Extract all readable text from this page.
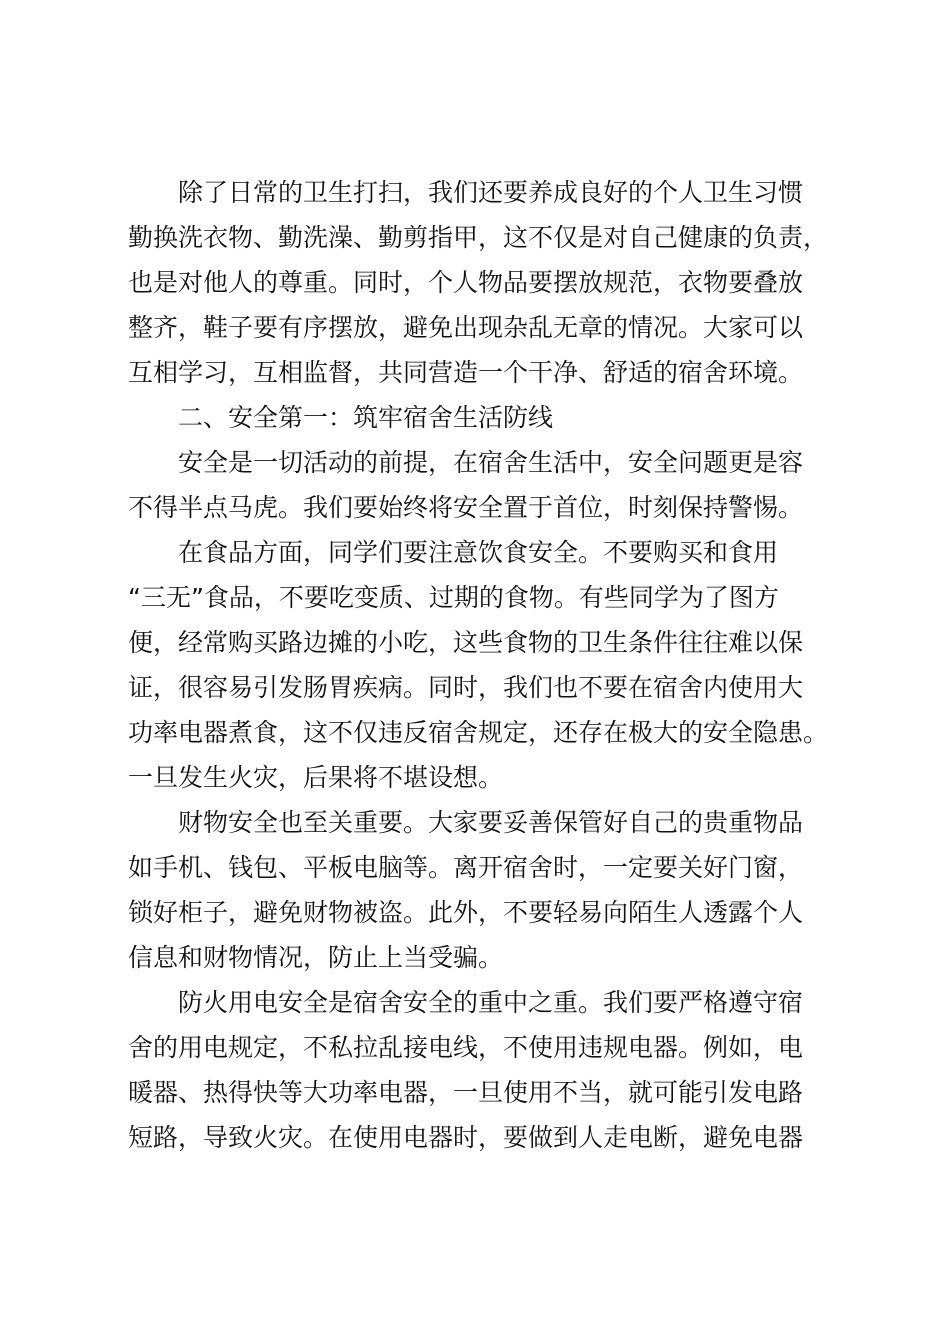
除了日常的卫生打扫，我们还要养成良好的个人卫生习惯
勤换洗衣物、勤洗澡、勤剪指甲，这不仅是对自己健康的负责，
也是对他人的尊重。同时，个人物品要摆放规范，衣物要叠放
整齐，鞋子要有序摆放，避免出现杂乱无章的情况。大家可以
互相学习，互相监督，共同营造一个干净、舒适的宿舍环境。
二、安全第一：筑牢宿舍生活防线
安全是一切活动的前提，在宿舍生活中，安全问题更是容
不得半点马虎。我们要始终将安全置于首位，时刻保持警惕。
在食品方面，同学们要注意饮食安全。不要购买和食用
“三无”食品，不要吃变质、过期的食物。有些同学为了图方
便，经常购买路边摊的小吃，这些食物的卫生条件往往难以保
证，很容易引发肠胃疾病。同时，我们也不要在宿舍内使用大
功率电器煮食，这不仅违反宿舍规定，还存在极大的安全隐患。
一旦发生火灾，后果将不堪设想。
财物安全也至关重要。大家要妥善保管好自己的贵重物品
如手机、钱包、平板电脑等。离开宿舍时，一定要关好门窗，
锁好柜子，避免财物被盗。此外，不要轻易向陌生人透露个人
信息和财物情况，防止上当受骗。
防火用电安全是宿舍安全的重中之重。我们要严格遵守宿
舍的用电规定，不私拉乱接电线，不使用违规电器。例如，电
暖器、热得快等大功率电器，一旦使用不当，就可能引发电路
短路，导致火灾。在使用电器时，要做到人走电断，避免电器
